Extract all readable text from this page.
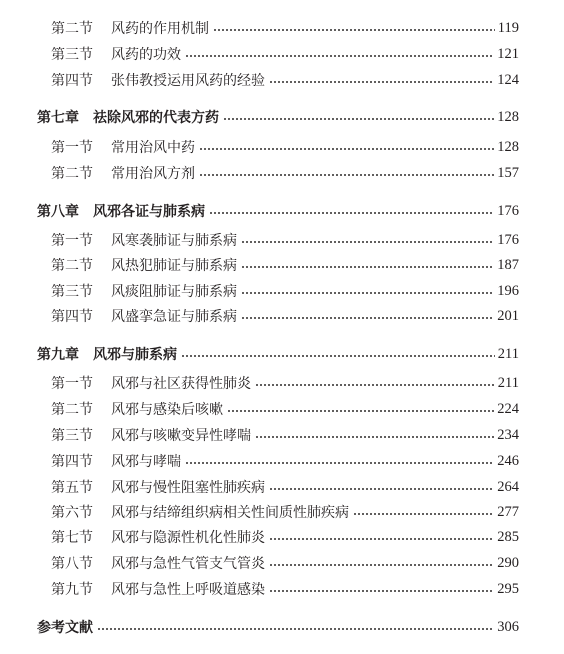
第二节	风药的作用机制	119
第三节	风药的功效	121
第四节	张伟教授运用风药的经验	124
第七章 祛除风邪的代表方药	128
第一节	常用治风中药	128
第二节	常用治风方剂	157
第八章 风邪各证与肺系病	176
第一节	风寒袭肺证与肺系病	176
第二节	风热犯肺证与肺系病	187
第三节	风痰阻肺证与肺系病	196
第四节	风盛挛急证与肺系病	201
第九章 风邪与肺系病	211
第一节	风邪与社区获得性肺炎	211
第二节	风邪与感染后咳嗽	224
第三节	风邪与咳嗽变异性哮喘	234
第四节	风邪与哮喘	246
第五节	风邪与慢性阻塞性肺疾病	264
第六节	风邪与结缔组织病相关性间质性肺疾病	277
第七节	风邪与隐源性机化性肺炎	285
第八节	风邪与急性气管支气管炎	290
第九节	风邪与急性上呼吸道感染	295
参考文献	306
